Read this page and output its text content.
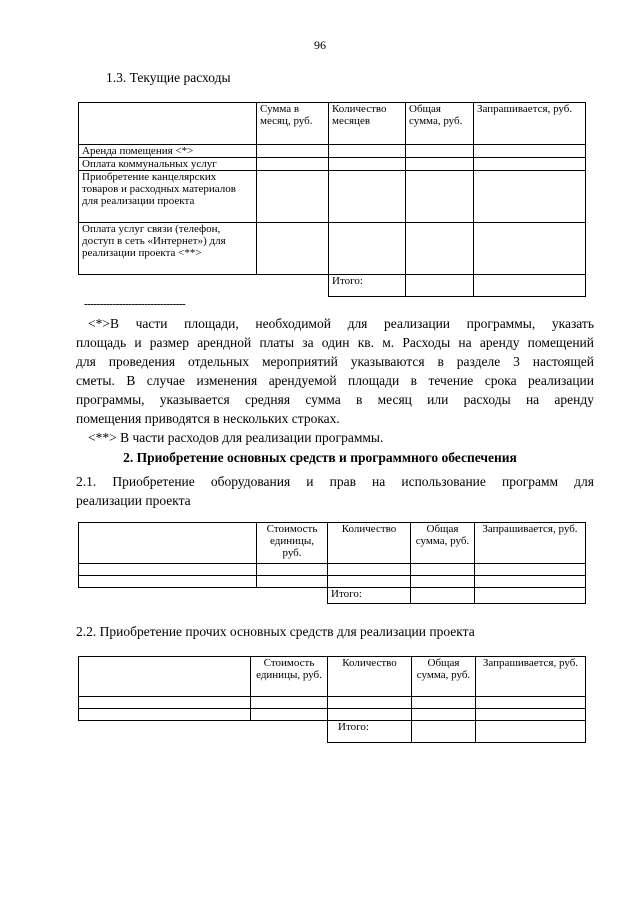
96
1.3. Текущие расходы
	Сумма в месяц, руб.	Количество месяцев	Общая сумма, руб.	Запрашивается, руб.
Аренда помещения <*>				
Оплата коммунальных услуг				
Приобретение канцелярских товаров и расходных материалов для реализации проекта				
Оплата услуг связи (телефон, доступ в сеть «Интернет») для реализации проекта <**>				
		Итого:		
--------------------------------
<*>В части площади, необходимой для реализации программы, указать
площадь и размер арендной платы за один кв. м. Расходы на аренду помещений
для проведения отдельных мероприятий указываются в разделе 3 настоящей
сметы. В случае изменения арендуемой площади в течение срока реализации
программы, указывается средняя сумма в месяц или расходы на аренду
помещения приводятся в нескольких строках.
<**> В части расходов для реализации программы.
2. Приобретение основных средств и программного обеспечения
2.1. Приобретение оборудования и прав на использование программ для
реализации проекта
	Стоимость единицы, руб.	Количество	Общая сумма, руб.	Запрашивается, руб.

		Итого:		
2.2. Приобретение прочих основных средств для реализации проекта
	Стоимость единицы, руб.	Количество	Общая сумма, руб.	Запрашивается, руб.

		Итого:		
